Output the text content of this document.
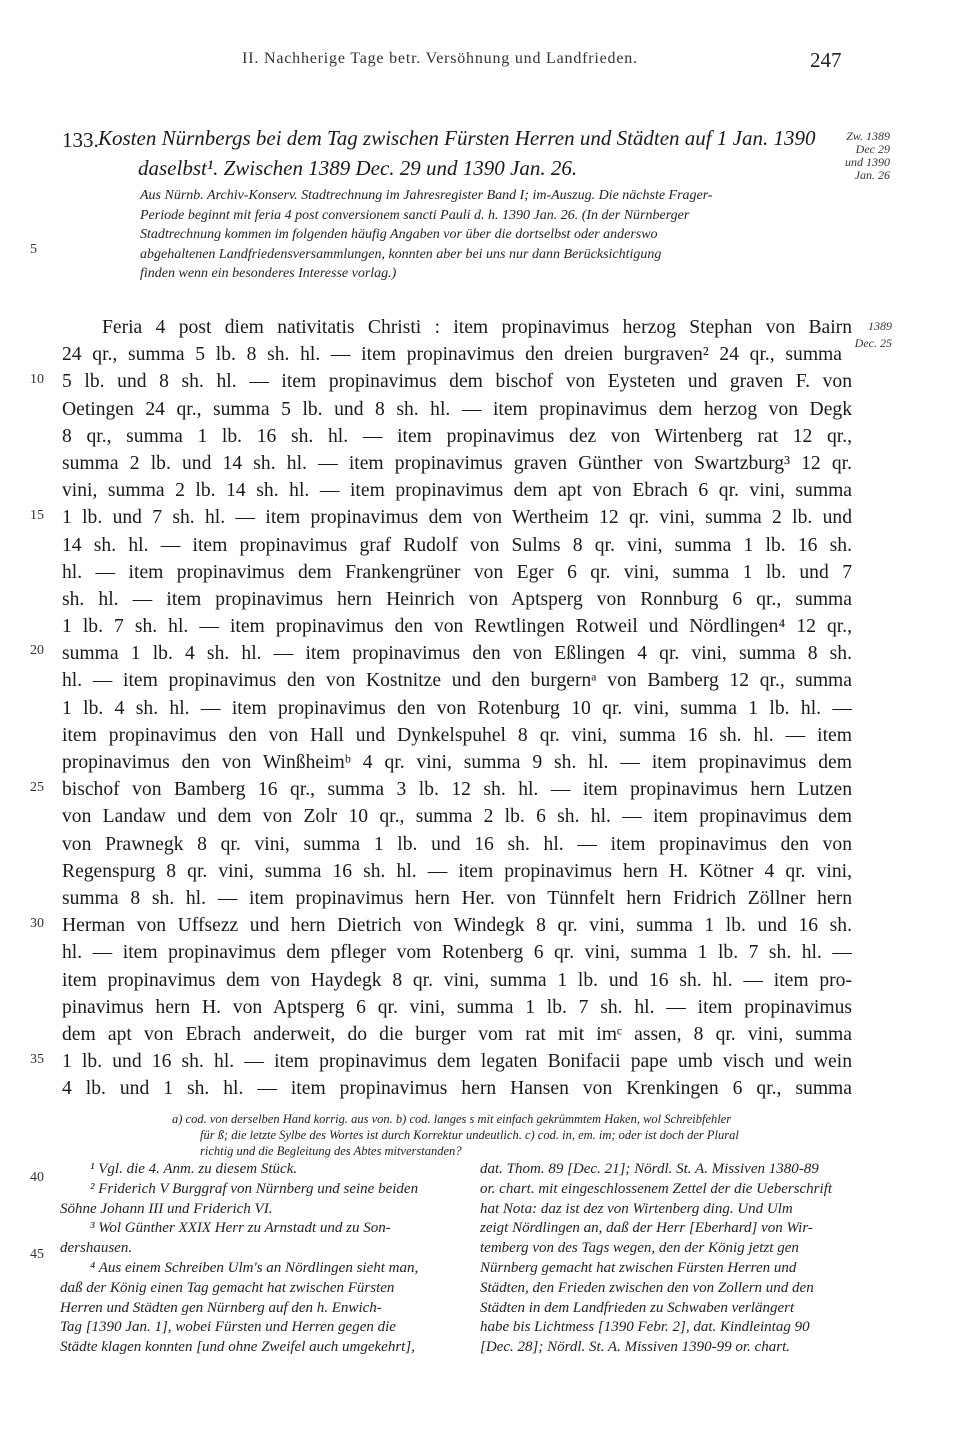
II. Nachherige Tage betr. Versöhnung und Landfrieden.	247
133. Kosten Nürnbergs bei dem Tag zwischen Fürsten Herren und Städten auf 1 Jan. 1390
daselbst¹. Zwischen 1389 Dec. 29 und 1390 Jan. 26.
Zw. 1389
Dec 29
und 1390
Jan. 26
Aus Nürnb. Archiv-Konserv. Stadtrechnung im Jahresregister Band I; im-Auszug. Die nächste Frager-
Periode beginnt mit feria 4 post conversionem sancti Pauli d. h. 1390 Jan. 26. (In der Nürnberger
Stadtrechnung kommen im folgenden häufig Angaben vor über die dortselbst oder anderswo
abgehaltenen Landfriedensversammlungen, konnten aber bei uns nur dann Berücksichtigung
finden wenn ein besonderes Interesse vorlag.)
5
10
15
20
25
30
35
40
45
1389
Dec. 25
Feria 4 post diem nativitatis Christi : item propinavimus herzog Stephan von Bairn
24 qr., summa 5 lb. 8 sh. hl. — item propinavimus den dreien burgraven² 24 qr., summa
5 lb. und 8 sh. hl. — item propinavimus dem bischof von Eysteten und graven F. von
Oetingen 24 qr., summa 5 lb. und 8 sh. hl. — item propinavimus dem herzog von Degk
8 qr., summa 1 lb. 16 sh. hl. — item propinavimus dez von Wirtenberg rat 12 qr.,
summa 2 lb. und 14 sh. hl. — item propinavimus graven Günther von Swartzburg³ 12 qr.
vini, summa 2 lb. 14 sh. hl. — item propinavimus dem apt von Ebrach 6 qr. vini, summa
1 lb. und 7 sh. hl. — item propinavimus dem von Wertheim 12 qr. vini, summa 2 lb. und
14 sh. hl. — item propinavimus graf Rudolf von Sulms 8 qr. vini, summa 1 lb. 16 sh.
hl. — item propinavimus dem Frankengrüner von Eger 6 qr. vini, summa 1 lb. und 7
sh. hl. — item propinavimus hern Heinrich von Aptsperg von Ronnburg 6 qr., summa
1 lb. 7 sh. hl. — item propinavimus den von Rewtlingen Rotweil und Nördlingen⁴ 12 qr.,
summa 1 lb. 4 sh. hl. — item propinavimus den von Eßlingen 4 qr. vini, summa 8 sh.
hl. — item propinavimus den von Kostnitze und den burgernᵃ von Bamberg 12 qr., summa
1 lb. 4 sh. hl. — item propinavimus den von Rotenburg 10 qr. vini, summa 1 lb. hl. —
item propinavimus den von Hall und Dynkelspuhel 8 qr. vini, summa 16 sh. hl. — item
propinavimus den von Winßheimᵇ 4 qr. vini, summa 9 sh. hl. — item propinavimus dem
bischof von Bamberg 16 qr., summa 3 lb. 12 sh. hl. — item propinavimus hern Lutzen
von Landaw und dem von Zolr 10 qr., summa 2 lb. 6 sh. hl. — item propinavimus dem
von Prawnegk 8 qr. vini, summa 1 lb. und 16 sh. hl. — item propinavimus den von
Regenspurg 8 qr. vini, summa 16 sh. hl. — item propinavimus hern H. Kötner 4 qr. vini,
summa 8 sh. hl. — item propinavimus hern Her. von Tünnfelt hern Fridrich Zöllner hern
Herman von Uffsezz und hern Dietrich von Windegk 8 qr. vini, summa 1 lb. und 16 sh.
hl. — item propinavimus dem pfleger vom Rotenberg 6 qr. vini, summa 1 lb. 7 sh. hl. —
item propinavimus dem von Haydegk 8 qr. vini, summa 1 lb. und 16 sh. hl. — item pro-
pinavimus hern H. von Aptsperg 6 qr. vini, summa 1 lb. 7 sh. hl. — item propinavimus
dem apt von Ebrach anderweit, do die burger vom rat mit imᶜ assen, 8 qr. vini, summa
1 lb. und 16 sh. hl. — item propinavimus dem legaten Bonifacii pape umb visch und wein
4 lb. und 1 sh. hl. — item propinavimus hern Hansen von Krenkingen 6 qr., summa
a) cod. von derselben Hand korrig. aus von. b) cod. langes s mit einfach gekrümmtem Haken, wol Schreibfehler
für ß; die letzte Sylbe des Wortes ist durch Korrektur undeutlich. c) cod. in, em. im; oder ist doch der Plural
richtig und die Begleitung des Abtes mitverstanden?
¹ Vgl. die 4. Anm. zu diesem Stück.
² Friderich V Burggraf von Nürnberg und seine beiden
Söhne Johann III und Friderich VI.
³ Wol Günther XXIX Herr zu Arnstadt und zu Son-
dershausen.
⁴ Aus einem Schreiben Ulm's an Nördlingen sieht man,
daß der König einen Tag gemacht hat zwischen Fürsten
Herren und Städten gen Nürnberg auf den h. Enwich-
Tag [1390 Jan. 1], wobei Fürsten und Herren gegen die
Städte klagen konnten [und ohne Zweifel auch umgekehrt],
dat. Thom. 89 [Dec. 21]; Nördl. St. A. Missiven 1380-89
or. chart. mit eingeschlossenem Zettel der die Ueberschrift
hat Nota: daz ist dez von Wirtenberg ding. Und Ulm
zeigt Nördlingen an, daß der Herr [Eberhard] von Wir-
temberg von des Tags wegen, den der König jetzt gen
Nürnberg gemacht hat zwischen Fürsten Herren und
Städten, den Frieden zwischen den von Zollern und den
Städten in dem Landfrieden zu Schwaben verlängert
habe bis Lichtmess [1390 Febr. 2], dat. Kindleintag 90
[Dec. 28]; Nördl. St. A. Missiven 1390-99 or. chart.
